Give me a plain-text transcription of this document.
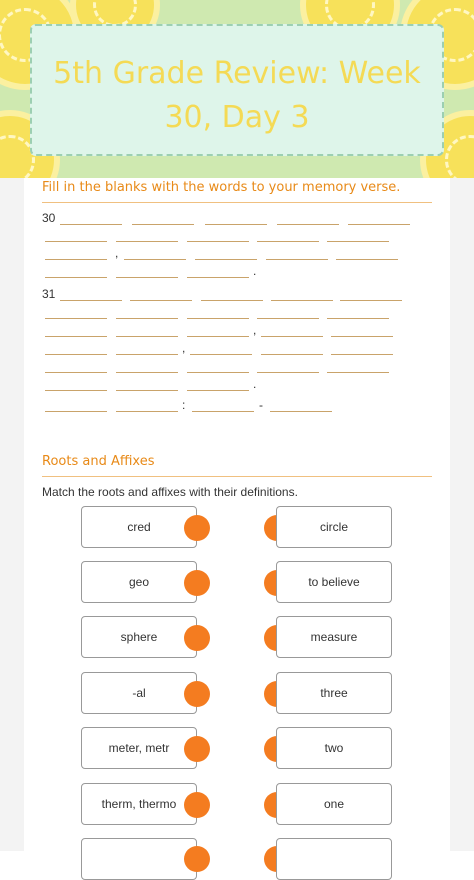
5th Grade Review: Week 30, Day 3
Fill in the blanks with the words to your memory verse.
30
,
.
31
,
,
.
:	-
Roots and Affixes
Match the roots and affixes with their definitions.
cred	circle
geo	to believe
sphere	measure
-al	three
meter, metr	two
therm, thermo	one
